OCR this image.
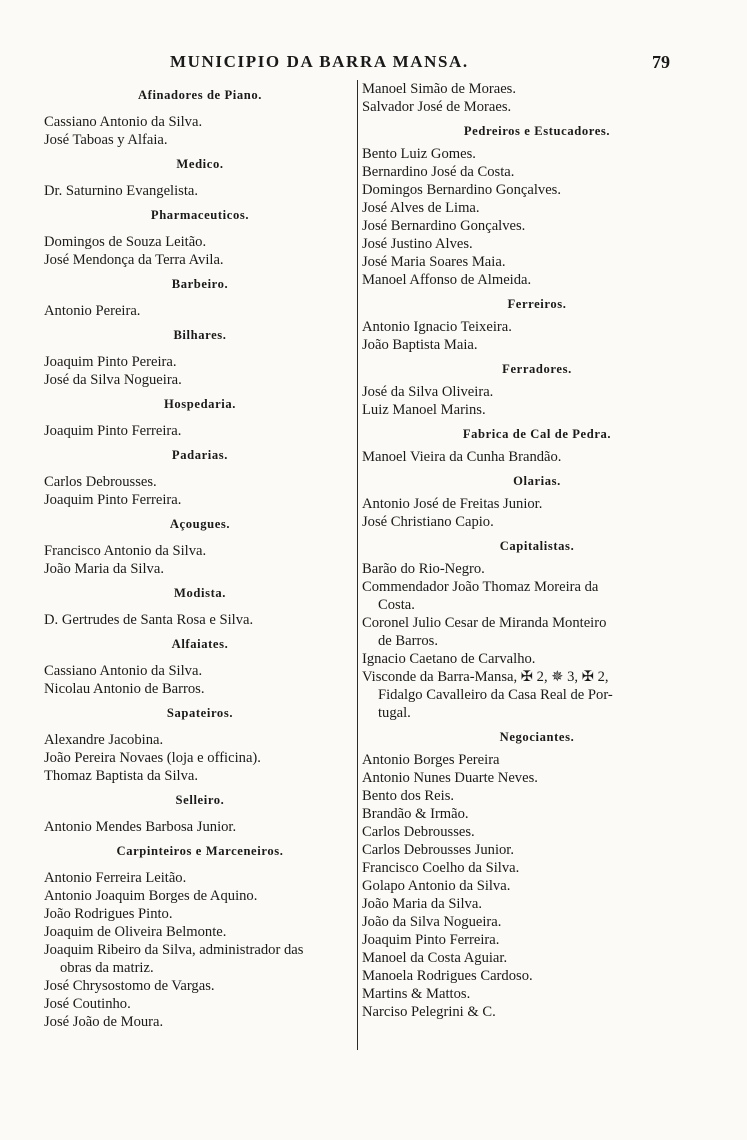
MUNICIPIO DA BARRA MANSA.	79
Afinadores de Piano.
Cassiano Antonio da Silva.
José Taboas y Alfaia.
Medico.
Dr. Saturnino Evangelista.
Pharmaceuticos.
Domingos de Souza Leitão.
José Mendonça da Terra Avila.
Barbeiro.
Antonio Pereira.
Bilhares.
Joaquim Pinto Pereira.
José da Silva Nogueira.
Hospedaria.
Joaquim Pinto Ferreira.
Padarias.
Carlos Debrousses.
Joaquim Pinto Ferreira.
Açougues.
Francisco Antonio da Silva.
João Maria da Silva.
Modista.
D. Gertrudes de Santa Rosa e Silva.
Alfaiates.
Cassiano Antonio da Silva.
Nicolau Antonio de Barros.
Sapateiros.
Alexandre Jacobina.
João Pereira Novaes (loja e officina).
Thomaz Baptista da Silva.
Selleiro.
Antonio Mendes Barbosa Junior.
Carpinteiros e Marceneiros.
Antonio Ferreira Leitão.
Antonio Joaquim Borges de Aquino.
João Rodrigues Pinto.
Joaquim de Oliveira Belmonte.
Joaquim Ribeiro da Silva, administrador das
obras da matriz.
José Chrysostomo de Vargas.
José Coutinho.
José João de Moura.
Manoel Simão de Moraes.
Salvador José de Moraes.
Pedreiros e Estucadores.
Bento Luiz Gomes.
Bernardino José da Costa.
Domingos Bernardino Gonçalves.
José Alves de Lima.
José Bernardino Gonçalves.
José Justino Alves.
José Maria Soares Maia.
Manoel Affonso de Almeida.
Ferreiros.
Antonio Ignacio Teixeira.
João Baptista Maia.
Ferradores.
José da Silva Oliveira.
Luiz Manoel Marins.
Fabrica de Cal de Pedra.
Manoel Vieira da Cunha Brandão.
Olarias.
Antonio José de Freitas Junior.
José Christiano Capio.
Capitalistas.
Barão do Rio-Negro.
Commendador João Thomaz Moreira da
Costa.
Coronel Julio Cesar de Miranda Monteiro
de Barros.
Ignacio Caetano de Carvalho.
Visconde da Barra-Mansa, ✠ 2, ✵ 3, ✠ 2,
Fidalgo Cavalleiro da Casa Real de Por-
tugal.
Negociantes.
Antonio Borges Pereira
Antonio Nunes Duarte Neves.
Bento dos Reis.
Brandão & Irmão.
Carlos Debrousses.
Carlos Debrousses Junior.
Francisco Coelho da Silva.
Golapo Antonio da Silva.
João Maria da Silva.
João da Silva Nogueira.
Joaquim Pinto Ferreira.
Manoel da Costa Aguiar.
Manoela Rodrigues Cardoso.
Martins & Mattos.
Narciso Pelegrini & C.
